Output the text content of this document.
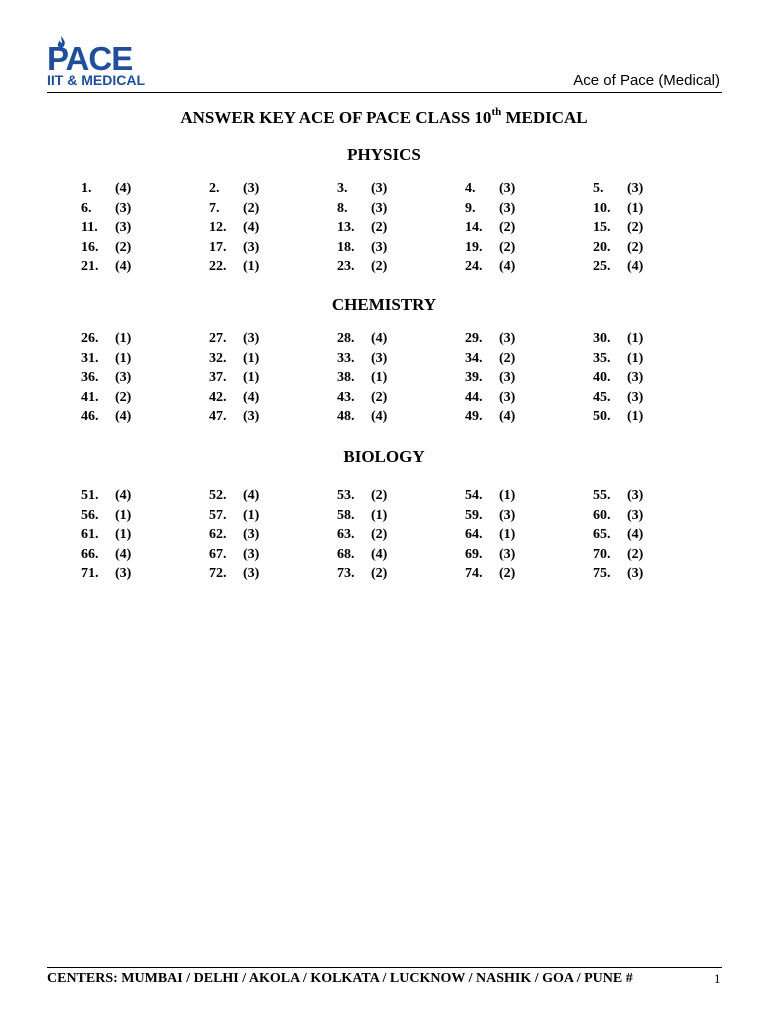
PACE
IIT & MEDICAL	Ace of Pace (Medical)
ANSWER KEY ACE OF PACE CLASS 10th MEDICAL
PHYSICS
1. (4)	2. (3)	3. (3)	4. (3)	5. (3)
6. (3)	7. (2)	8. (3)	9. (3)	10. (1)
11. (3)	12. (4)	13. (2)	14. (2)	15. (2)
16. (2)	17. (3)	18. (3)	19. (2)	20. (2)
21. (4)	22. (1)	23. (2)	24. (4)	25. (4)
CHEMISTRY
26. (1)	27. (3)	28. (4)	29. (3)	30. (1)
31. (1)	32. (1)	33. (3)	34. (2)	35. (1)
36. (3)	37. (1)	38. (1)	39. (3)	40. (3)
41. (2)	42. (4)	43. (2)	44. (3)	45. (3)
46. (4)	47. (3)	48. (4)	49. (4)	50. (1)
BIOLOGY
51. (4)	52. (4)	53. (2)	54. (1)	55. (3)
56. (1)	57. (1)	58. (1)	59. (3)	60. (3)
61. (1)	62. (3)	63. (2)	64. (1)	65. (4)
66. (4)	67. (3)	68. (4)	69. (3)	70. (2)
71. (3)	72. (3)	73. (2)	74. (2)	75. (3)
CENTERS: MUMBAI / DELHI / AKOLA / KOLKATA / LUCKNOW / NASHIK / GOA / PUNE #	1
